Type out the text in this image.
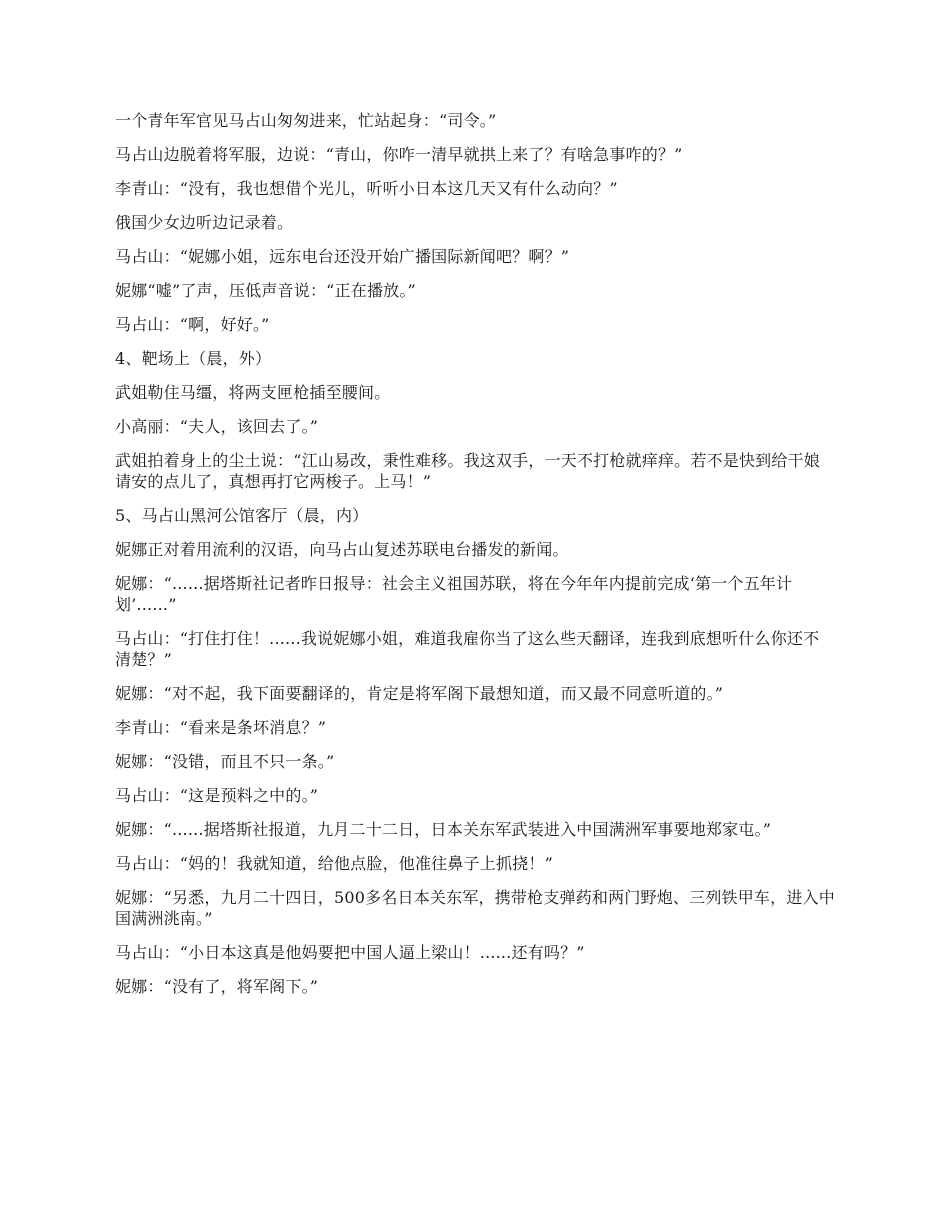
一个青年军官见马占山匆匆进来，忙站起身：“司令。”

马占山边脱着将军服，边说：“青山，你咋一清早就拱上来了？有啥急事咋的？”

李青山：“没有，我也想借个光儿，听听小日本这几天又有什么动向？”

俄国少女边听边记录着。

马占山：“妮娜小姐，远东电台还没开始广播国际新闻吧？啊？”

妮娜“嘘”了声，压低声音说：“正在播放。”

马占山：“啊，好好。”

4、靶场上（晨，外）

武姐勒住马缰，将两支匣枪插至腰间。

小高丽：“夫人，该回去了。”

武姐拍着身上的尘土说：“江山易改，秉性难移。我这双手，一天不打枪就痒痒。若不是快到给干娘请安的点儿了，真想再打它两梭子。上马！”

5、马占山黑河公馆客厅（晨，内）

妮娜正对着用流利的汉语，向马占山复述苏联电台播发的新闻。

妮娜：“......据塔斯社记者昨日报导：社会主义祖国苏联，将在今年年内提前完成‘第一个五年计划’......”

马占山：“打住打住！......我说妮娜小姐，难道我雇你当了这么些天翻译，连我到底想听什么你还不清楚？”

妮娜：“对不起，我下面要翻译的，肯定是将军阁下最想知道，而又最不同意听道的。”

李青山：“看来是条坏消息？”

妮娜：“没错，而且不只一条。”

马占山：“这是预料之中的。”

妮娜：“......据塔斯社报道，九月二十二日，日本关东军武装进入中国满洲军事要地郑家屯。”

马占山：“妈的！我就知道，给他点脸，他准往鼻子上抓挠！”

妮娜：“另悉，九月二十四日，500多名日本关东军，携带枪支弹药和两门野炮、三列铁甲车，进入中国满洲洮南。”

马占山：“小日本这真是他妈要把中国人逼上梁山！......还有吗？”

妮娜：“没有了，将军阁下。”
